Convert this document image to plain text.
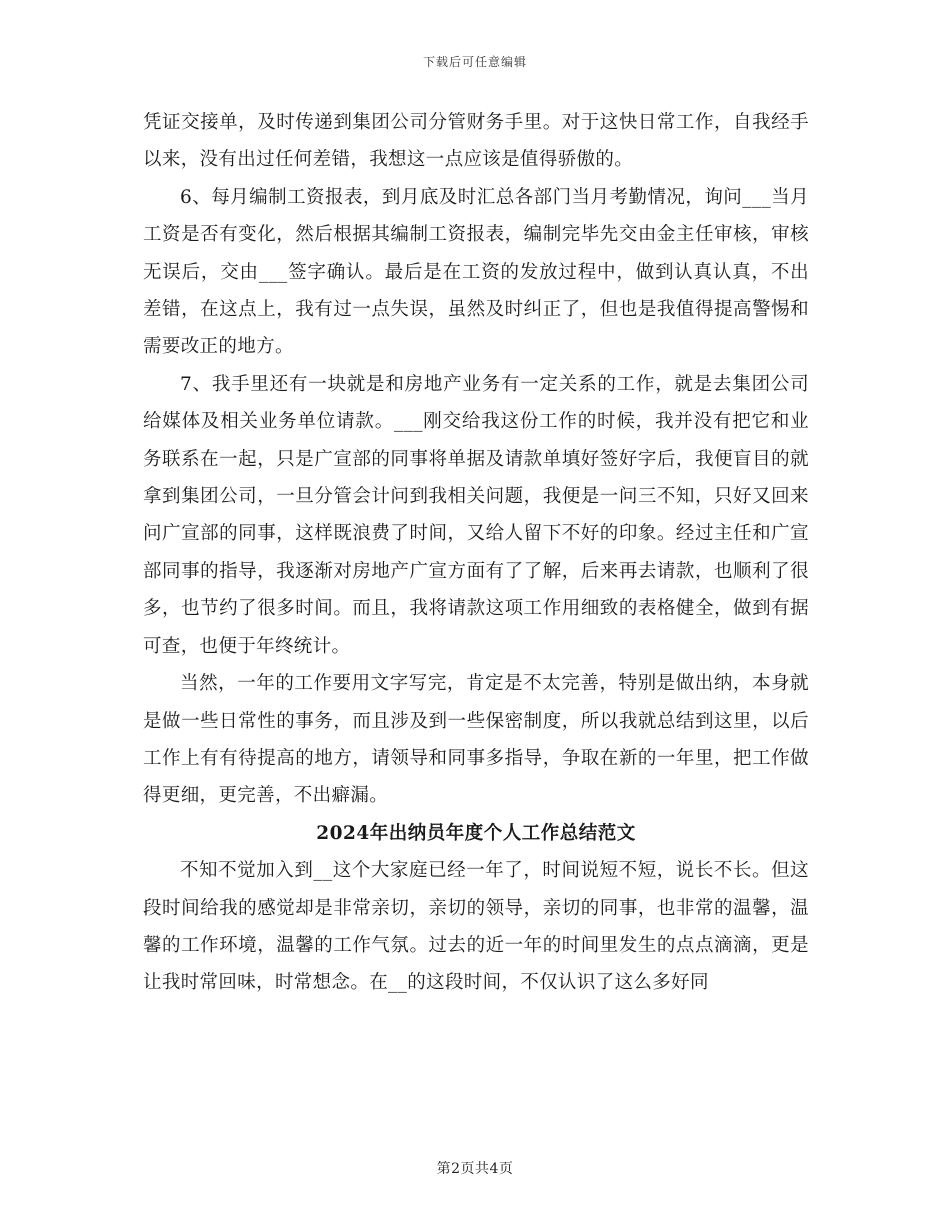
下载后可任意编辑

凭证交接单，及时传递到集团公司分管财务手里。对于这快日常工作，自我经手以来，没有出过任何差错，我想这一点应该是值得骄傲的。

6、每月编制工资报表，到月底及时汇总各部门当月考勤情况，询问___当月工资是否有变化，然后根据其编制工资报表，编制完毕先交由金主任审核，审核无误后，交由___签字确认。最后是在工资的发放过程中，做到认真认真，不出差错，在这点上，我有过一点失误，虽然及时纠正了，但也是我值得提高警惕和需要改正的地方。

7、我手里还有一块就是和房地产业务有一定关系的工作，就是去集团公司给媒体及相关业务单位请款。___刚交给我这份工作的时候，我并没有把它和业务联系在一起，只是广宣部的同事将单据及请款单填好签好字后，我便盲目的就拿到集团公司，一旦分管会计问到我相关问题，我便是一问三不知，只好又回来问广宣部的同事，这样既浪费了时间，又给人留下不好的印象。经过主任和广宣部同事的指导，我逐渐对房地产广宣方面有了了解，后来再去请款，也顺利了很多，也节约了很多时间。而且，我将请款这项工作用细致的表格健全，做到有据可查，也便于年终统计。

当然，一年的工作要用文字写完，肯定是不太完善，特别是做出纳，本身就是做一些日常性的事务，而且涉及到一些保密制度，所以我就总结到这里，以后工作上有有待提高的地方，请领导和同事多指导，争取在新的一年里，把工作做得更细，更完善，不出癖漏。

2024年出纳员年度个人工作总结范文

不知不觉加入到__这个大家庭已经一年了，时间说短不短，说长不长。但这段时间给我的感觉却是非常亲切，亲切的领导，亲切的同事，也非常的温馨，温馨的工作环境，温馨的工作气氛。过去的近一年的时间里发生的点点滴滴，更是让我时常回味，时常想念。在__的这段时间，不仅认识了这么多好同

第2页共4页
